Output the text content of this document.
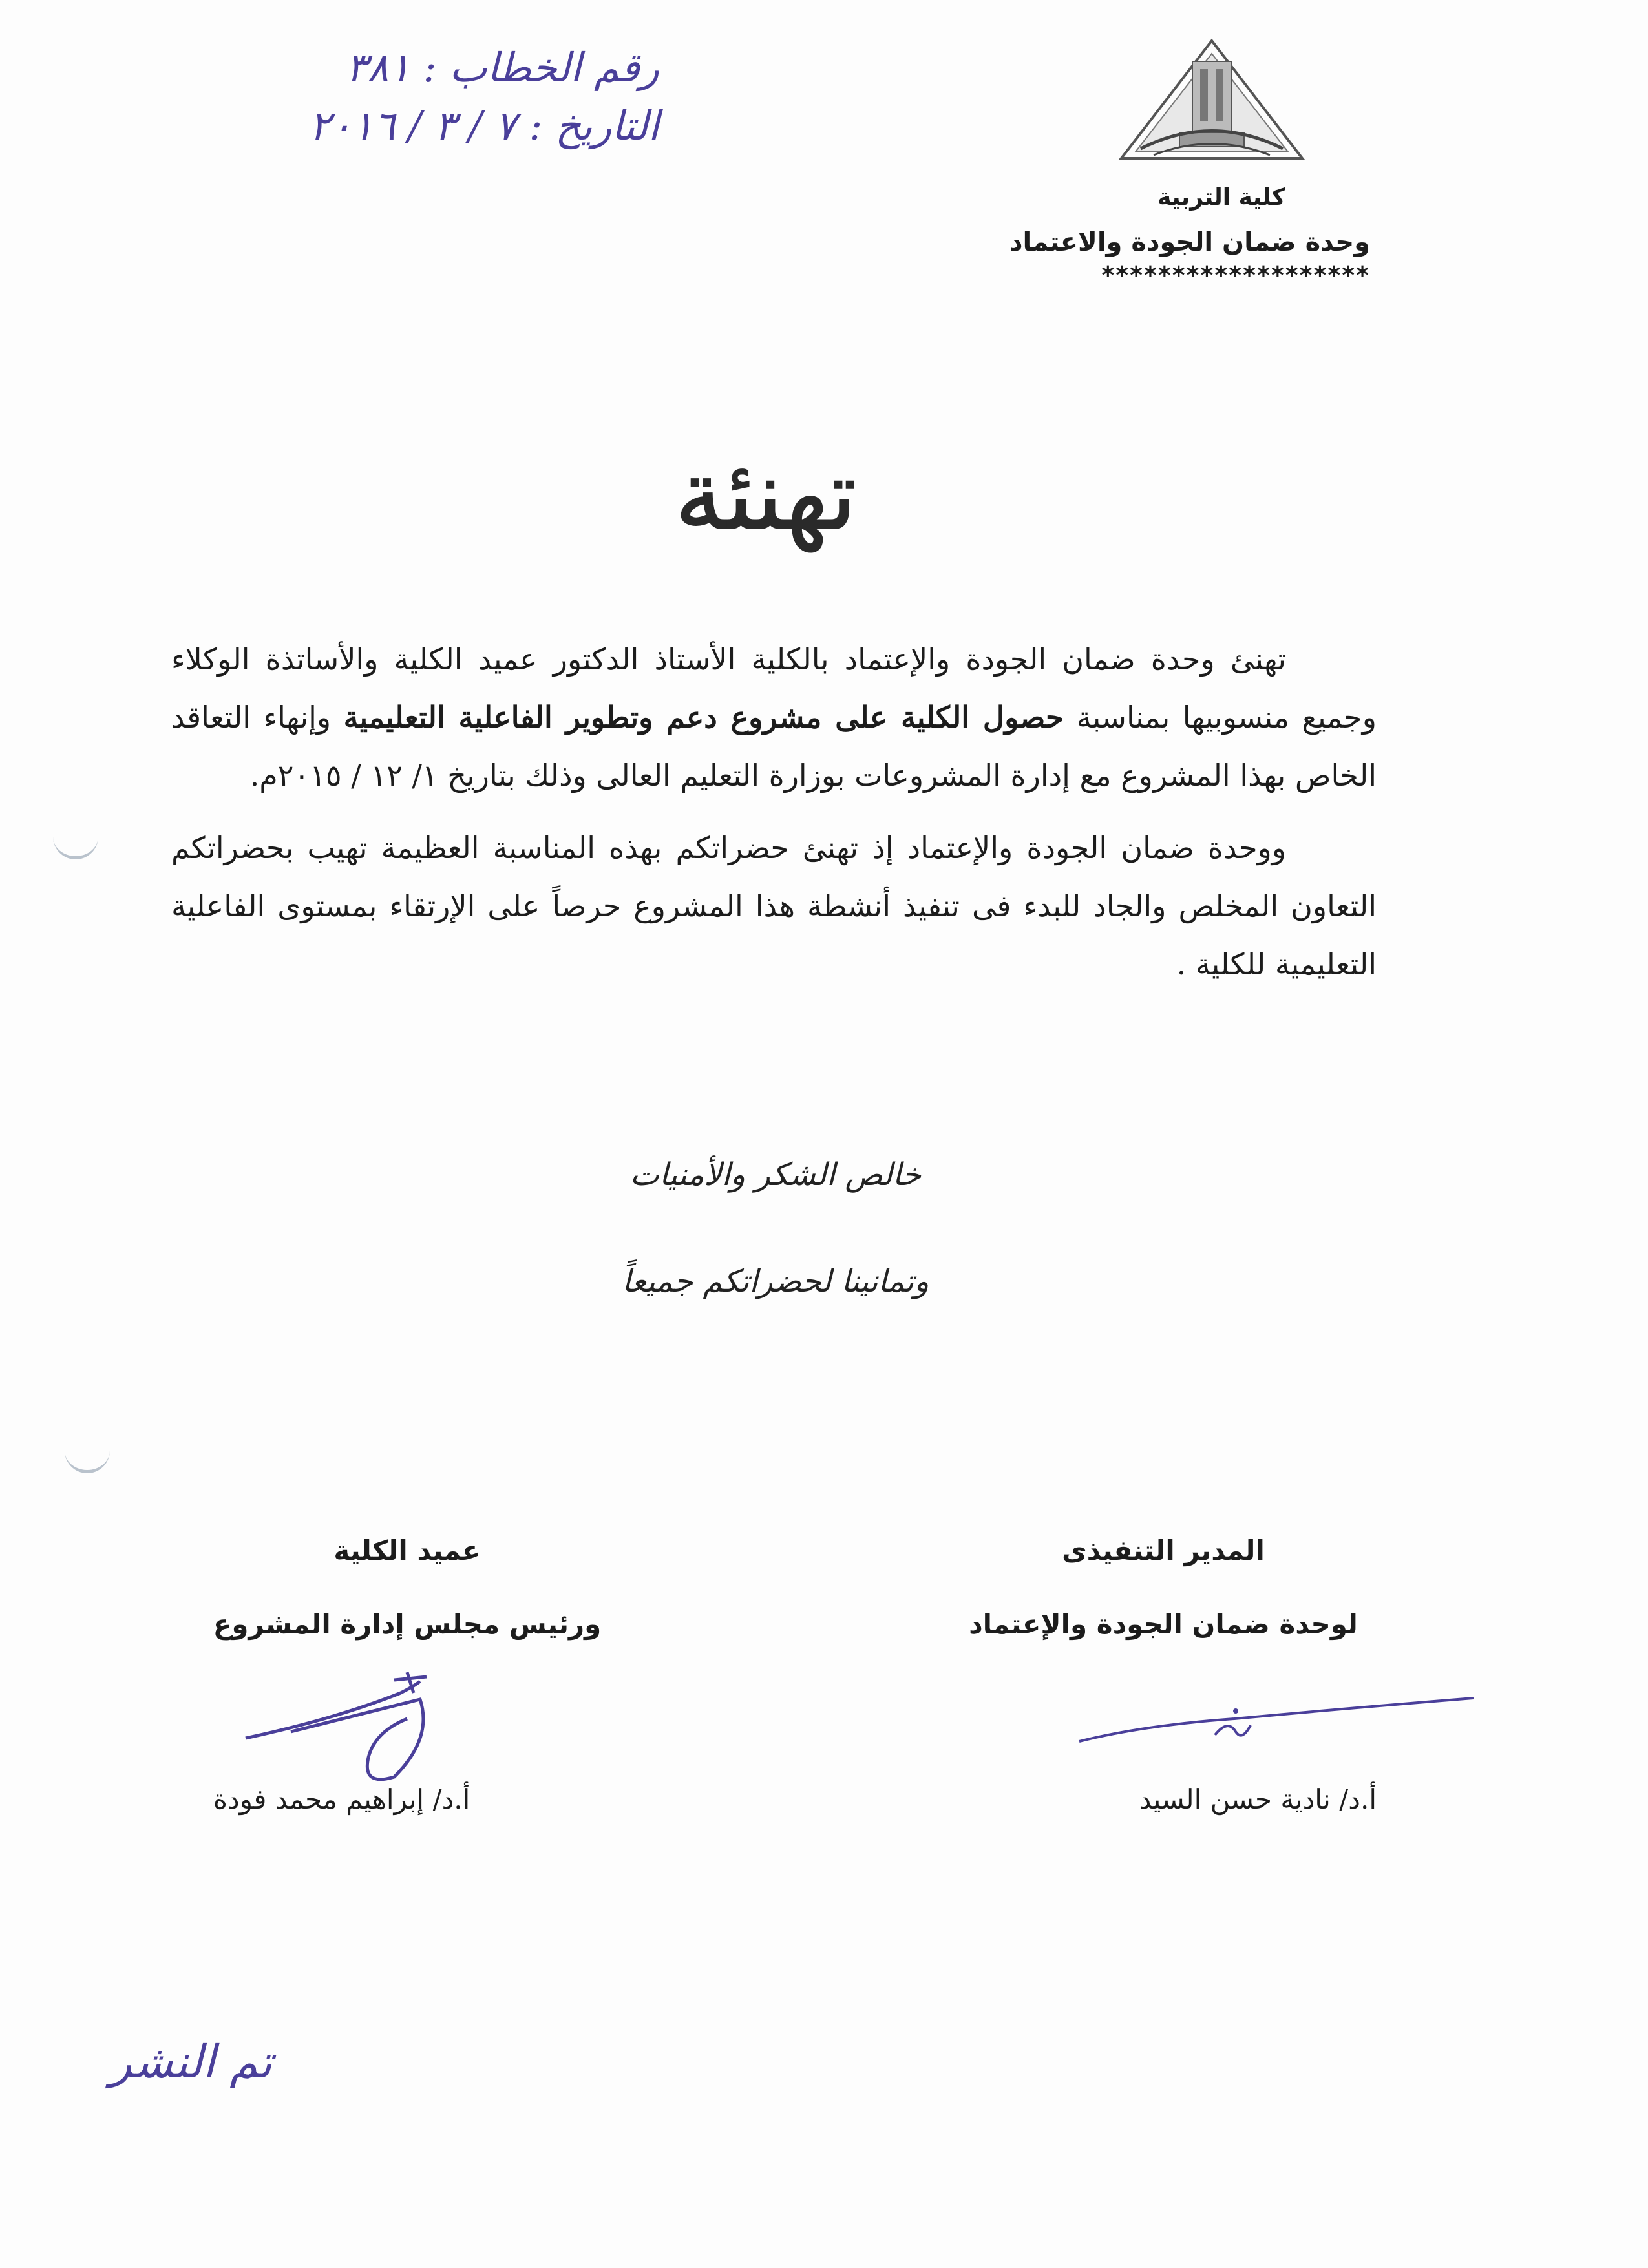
رقم الخطاب : ٣٨١
التاريخ : ٧ / ٣ / ٢٠١٦
كلية التربية
وحدة ضمان الجودة والاعتماد
*******************
تهنئة

تهنئ وحدة ضمان الجودة والإعتماد بالكلية الأستاذ الدكتور عميد الكلية والأساتذة الوكلاء وجميع منسوبيها بمناسبة حصول الكلية على مشروع دعم وتطوير الفاعلية التعليمية وإنهاء التعاقد الخاص بهذا المشروع مع إدارة المشروعات بوزارة التعليم العالى وذلك بتاريخ ١/ ١٢ / ٢٠١٥م.

ووحدة ضمان الجودة والإعتماد إذ تهنئ حضراتكم بهذه المناسبة العظيمة تهيب بحضراتكم التعاون المخلص والجاد للبدء فى تنفيذ أنشطة هذا المشروع حرصاً على الإرتقاء بمستوى الفاعلية التعليمية للكلية .

خالص الشكر والأمنيات
وتمانينا لحضراتكم جميعاً
المدير التنفيذى
لوحدة ضمان الجودة والإعتماد
أ.د/ نادية حسن السيد
عميد الكلية
ورئيس مجلس إدارة المشروع
أ.د/ إبراهيم محمد فودة
تم النشر
